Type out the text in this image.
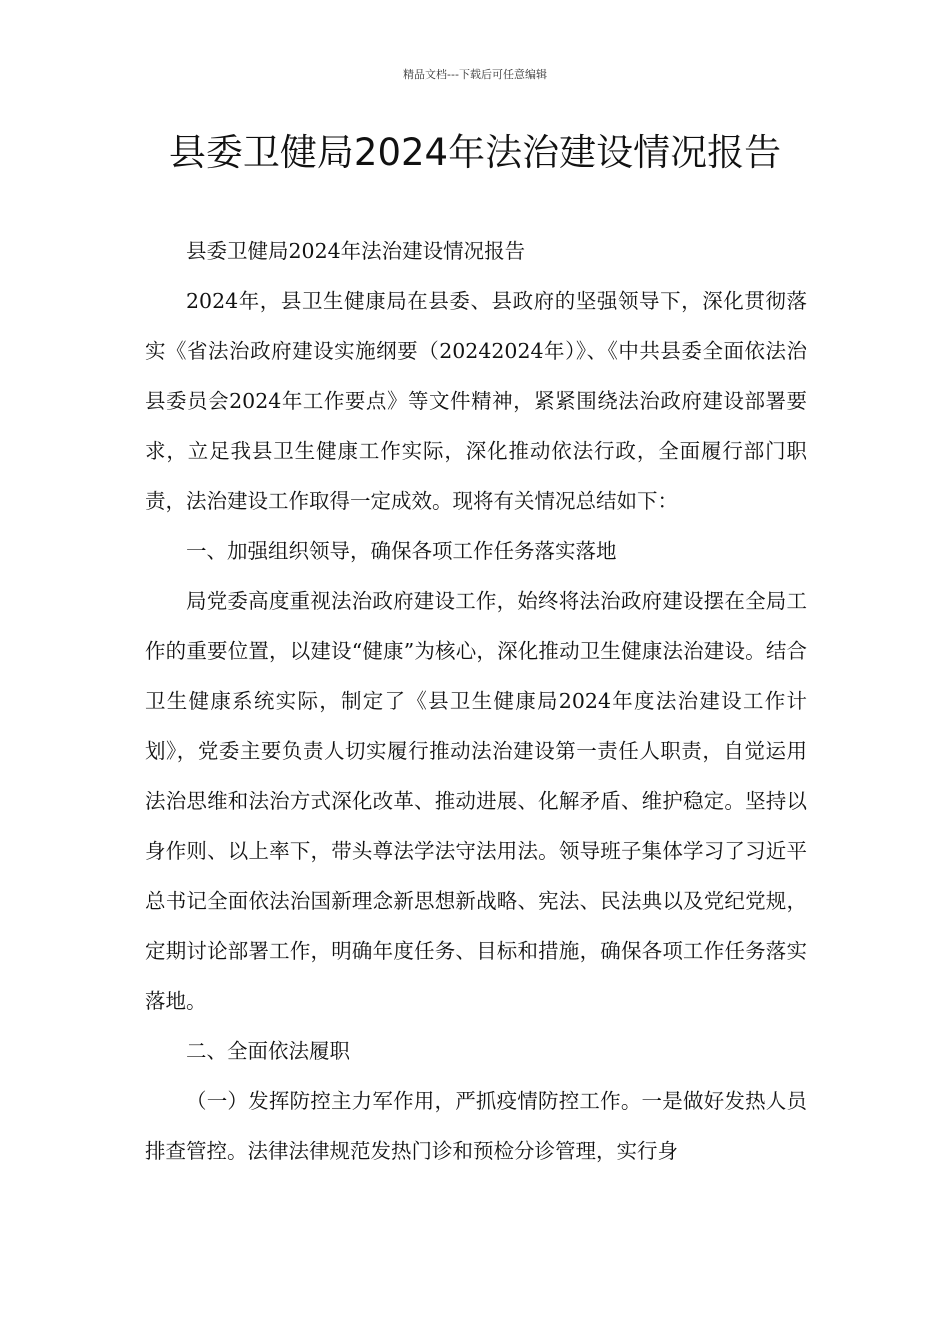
精品文档---下载后可任意编辑
县委卫健局2024年法治建设情况报告

县委卫健局2024年法治建设情况报告

2024年，县卫生健康局在县委、县政府的坚强领导下，深化贯彻落实《省法治政府建设实施纲要（20242024年）》、《中共县委全面依法治县委员会2024年工作要点》等文件精神，紧紧围绕法治政府建设部署要求，立足我县卫生健康工作实际，深化推动依法行政，全面履行部门职责，法治建设工作取得一定成效。现将有关情况总结如下：

一、加强组织领导，确保各项工作任务落实落地

局党委高度重视法治政府建设工作，始终将法治政府建设摆在全局工作的重要位置，以建设“健康”为核心，深化推动卫生健康法治建设。结合卫生健康系统实际，制定了《县卫生健康局2024年度法治建设工作计划》，党委主要负责人切实履行推动法治建设第一责任人职责，自觉运用法治思维和法治方式深化改革、推动进展、化解矛盾、维护稳定。坚持以身作则、以上率下，带头尊法学法守法用法。领导班子集体学习了习近平总书记全面依法治国新理念新思想新战略、宪法、民法典以及党纪党规，定期讨论部署工作，明确年度任务、目标和措施，确保各项工作任务落实落地。

二、全面依法履职

（一）发挥防控主力军作用，严抓疫情防控工作。一是做好发热人员排查管控。法律法律规范发热门诊和预检分诊管理，实行身
